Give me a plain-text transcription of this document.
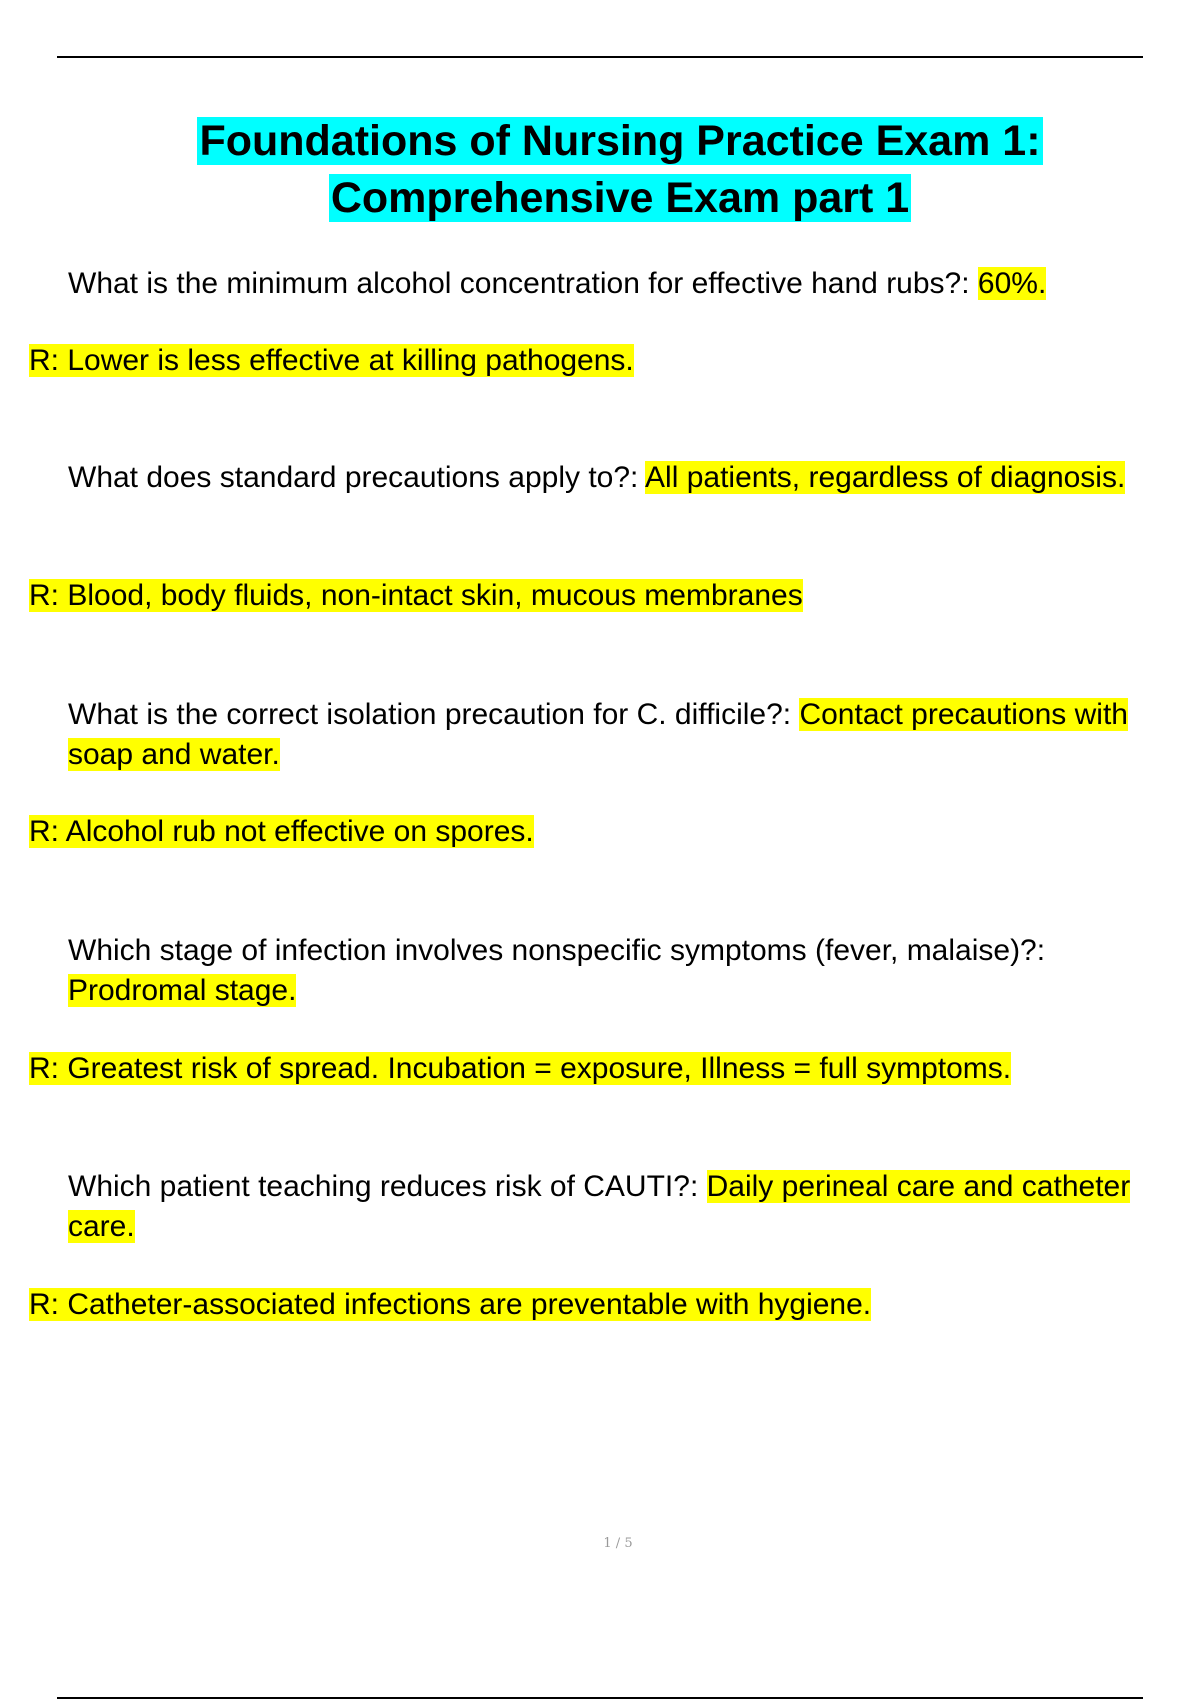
Foundations of Nursing Practice Exam 1:
Comprehensive Exam part 1

What is the minimum alcohol concentration for effective hand rubs?: 60%.

R: Lower is less effective at killing pathogens.

What does standard precautions apply to?: All patients, regardless of diagnosis.

R: Blood, body fluids, non-intact skin, mucous membranes

What is the correct isolation precaution for C. difficile?: Contact precautions with soap and water.

R: Alcohol rub not effective on spores.

Which stage of infection involves nonspecific symptoms (fever, malaise)?: Prodromal stage.

R: Greatest risk of spread. Incubation = exposure, Illness = full symptoms.

Which patient teaching reduces risk of CAUTI?: Daily perineal care and catheter care.

R: Catheter-associated infections are preventable with hygiene.

1 / 5
